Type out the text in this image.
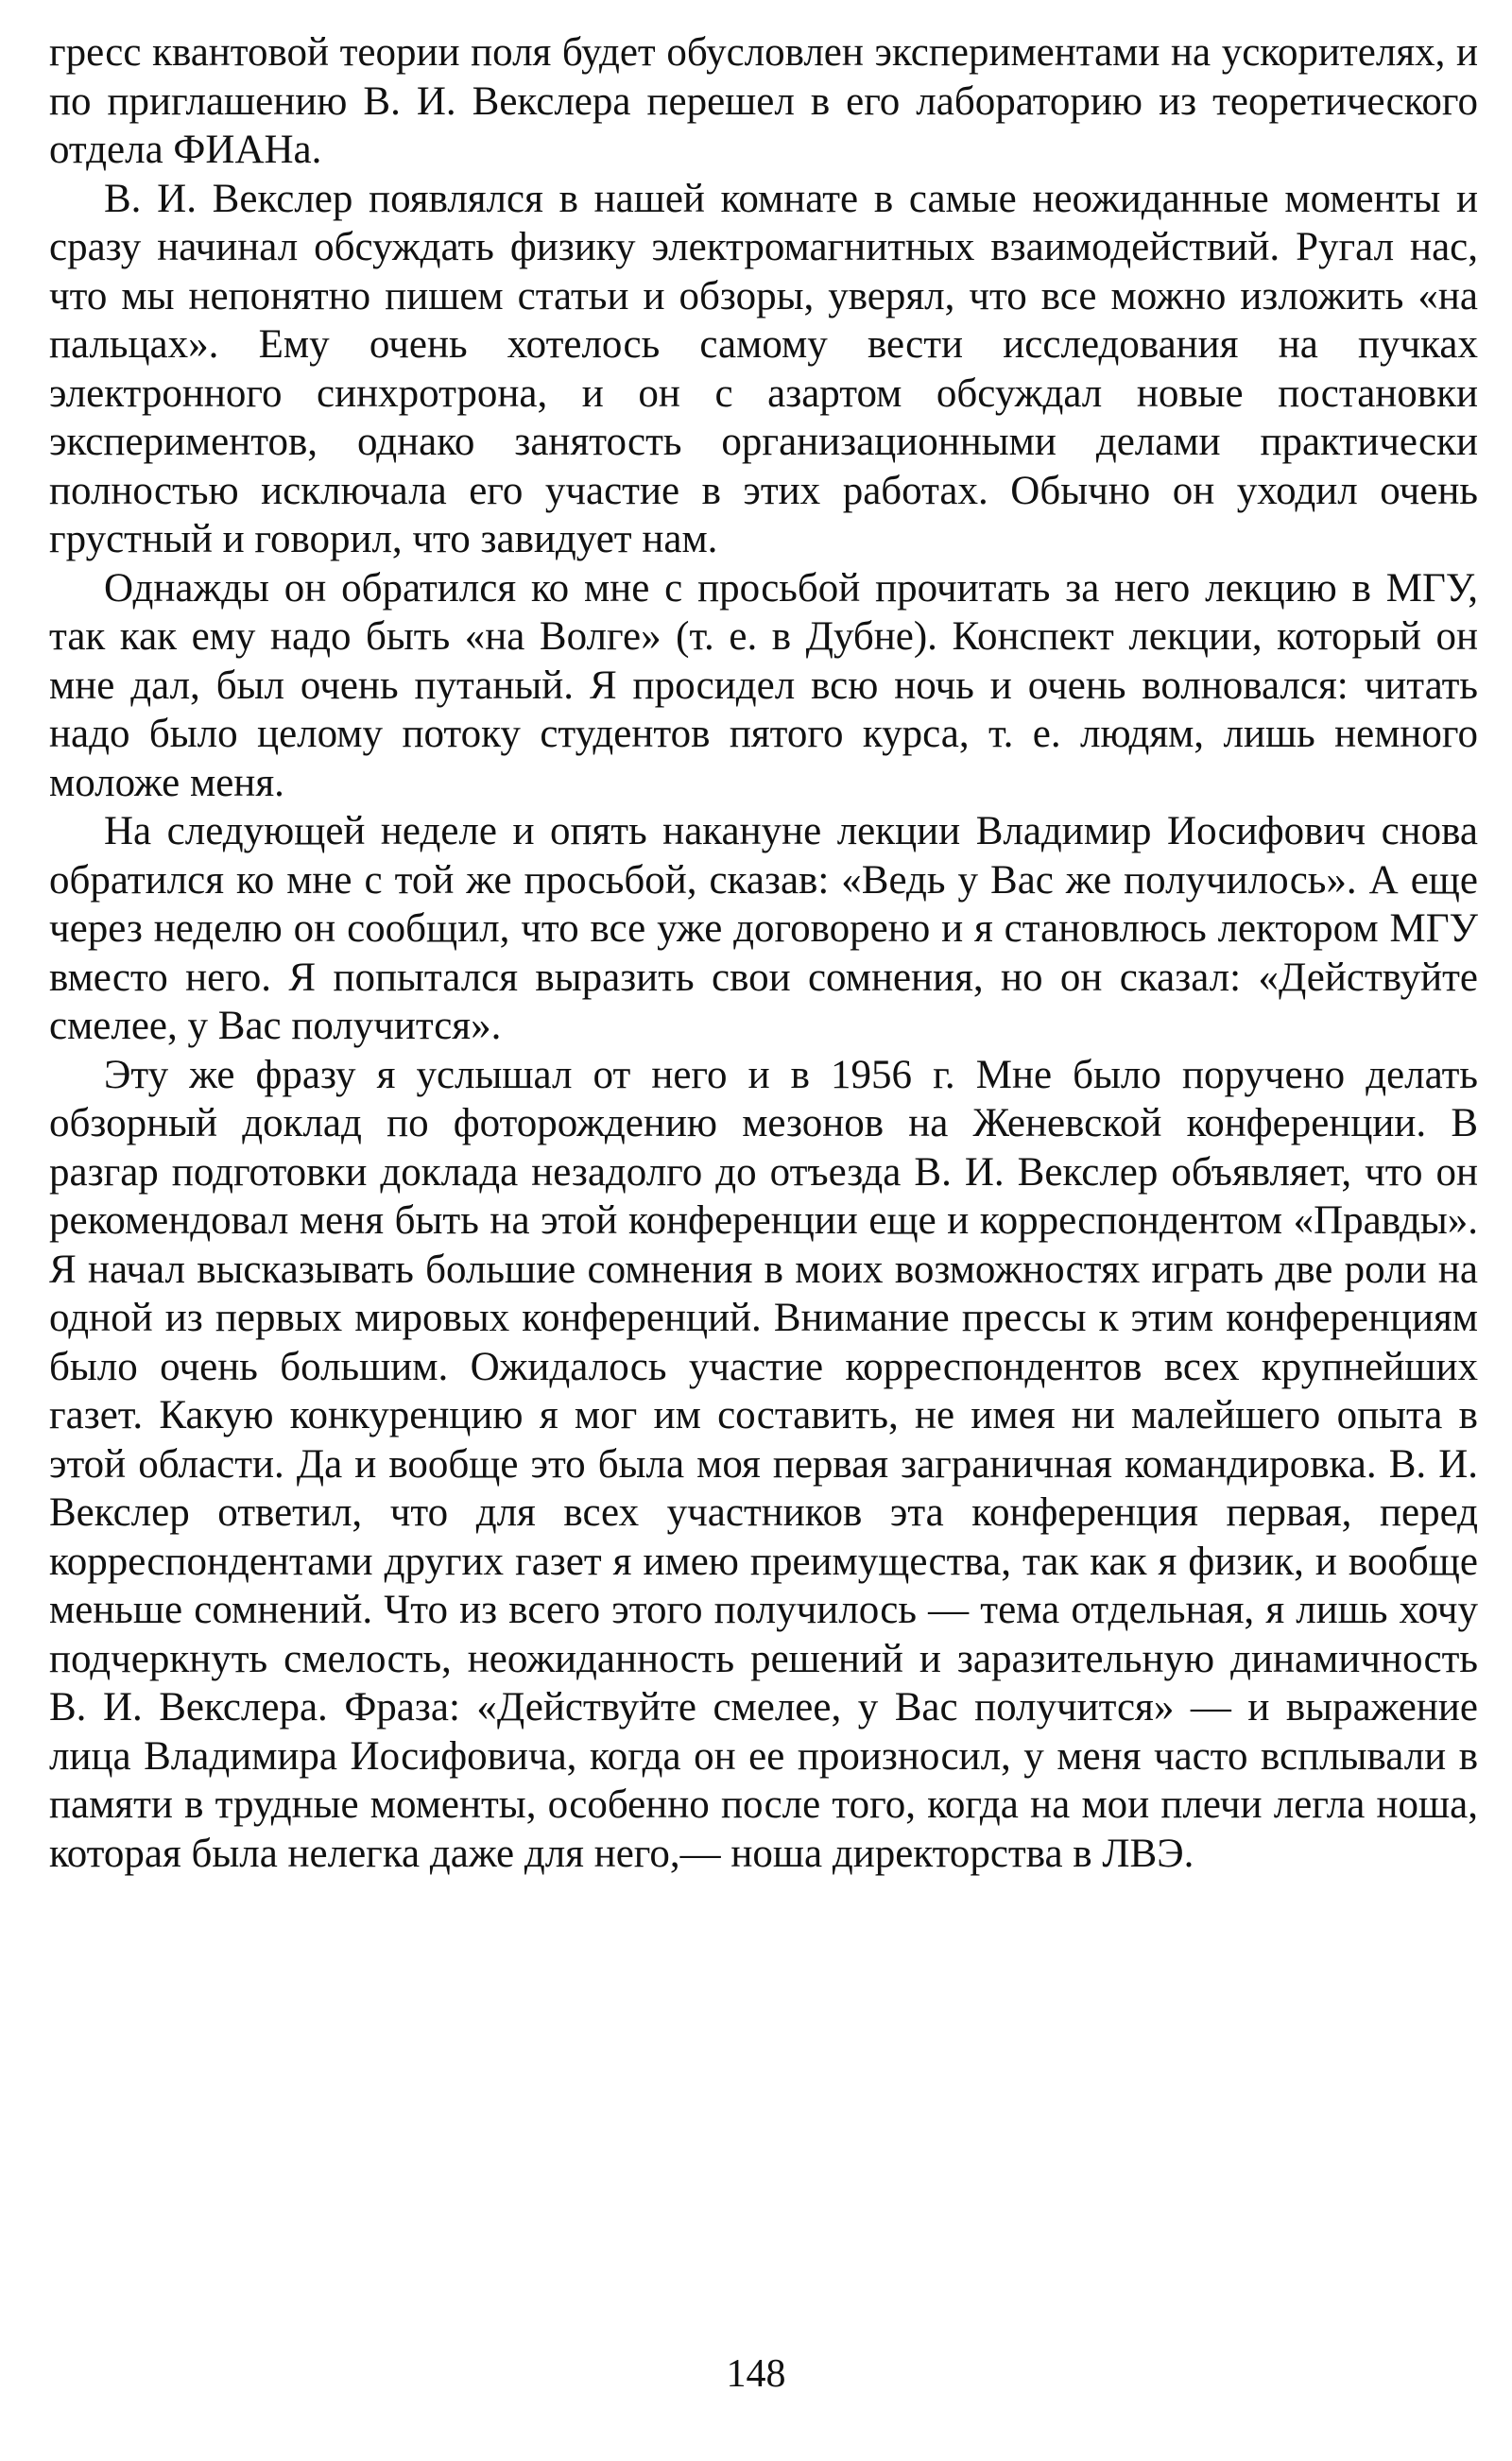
гресс квантовой теории поля будет обусловлен экспериментами на ускорителях, и по приглашению В. И. Векслера перешел в его лабораторию из теоретического отдела ФИАНа.

В. И. Векслер появлялся в нашей комнате в самые неожиданные моменты и сразу начинал обсуждать физику электромагнитных взаимодействий. Ругал нас, что мы непонятно пишем статьи и обзоры, уверял, что все можно изложить «на пальцах». Ему очень хотелось самому вести исследования на пучках электронного синхротрона, и он с азартом обсуждал новые постановки экспериментов, однако занятость организационными делами практически полностью исключала его участие в этих работах. Обычно он уходил очень грустный и говорил, что завидует нам.

Однажды он обратился ко мне с просьбой прочитать за него лекцию в МГУ, так как ему надо быть «на Волге» (т. е. в Дубне). Конспект лекции, который он мне дал, был очень путаный. Я просидел всю ночь и очень волновался: читать надо было целому потоку студентов пятого курса, т. е. людям, лишь немного моложе меня.

На следующей неделе и опять накануне лекции Владимир Иосифович снова обратился ко мне с той же просьбой, сказав: «Ведь у Вас же получилось». А еще через неделю он сообщил, что все уже договорено и я становлюсь лектором МГУ вместо него. Я попытался выразить свои сомнения, но он сказал: «Действуйте смелее, у Вас получится».

Эту же фразу я услышал от него и в 1956 г. Мне было поручено делать обзорный доклад по фоторождению мезонов на Женевской конференции. В разгар подготовки доклада незадолго до отъезда В. И. Векслер объявляет, что он рекомендовал меня быть на этой конференции еще и корреспондентом «Правды». Я начал высказывать большие сомнения в моих возможностях играть две роли на одной из первых мировых конференций. Внимание прессы к этим конференциям было очень большим. Ожидалось участие корреспондентов всех крупнейших газет. Какую конкуренцию я мог им составить, не имея ни малейшего опыта в этой области. Да и вообще это была моя первая заграничная командировка. В. И. Векслер ответил, что для всех участников эта конференция первая, перед корреспондентами других газет я имею преимущества, так как я физик, и вообще меньше сомнений. Что из всего этого получилось — тема отдельная, я лишь хочу подчеркнуть смелость, неожиданность решений и заразительную динамичность В. И. Векслера. Фраза: «Действуйте смелее, у Вас получится» — и выражение лица Владимира Иосифовича, когда он ее произносил, у меня часто всплывали в памяти в трудные моменты, особенно после того, когда на мои плечи легла ноша, которая была нелегка даже для него,— ноша директорства в ЛВЭ.

148
